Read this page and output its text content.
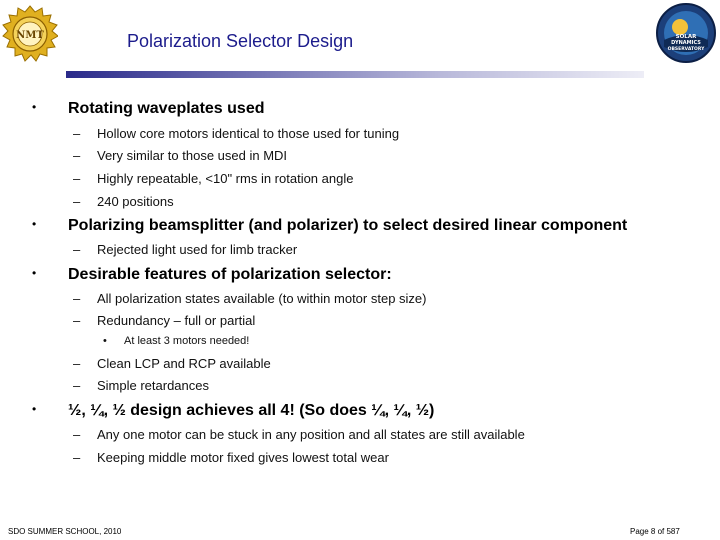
NMT	SOLAR
DYNAMICS
OBSERVATORY
Polarization Selector Design
• Rotating waveplates used
– Hollow core motors identical to those used for tuning
– Very similar to those used in MDI
– Highly repeatable, <10" rms in rotation angle
– 240 positions
• Polarizing beamsplitter (and polarizer) to select desired linear component
– Rejected light used for limb tracker
• Desirable features of polarization selector:
– All polarization states available (to within motor step size)
– Redundancy – full or partial
• At least 3 motors needed!
– Clean LCP and RCP available
– Simple retardances
• ½, ¼, ½ design achieves all 4! (So does ¼, ¼, ½)
– Any one motor can be stuck in any position and all states are still available
– Keeping middle motor fixed gives lowest total wear
SDO SUMMER SCHOOL, 2010	Page 8 of 587
